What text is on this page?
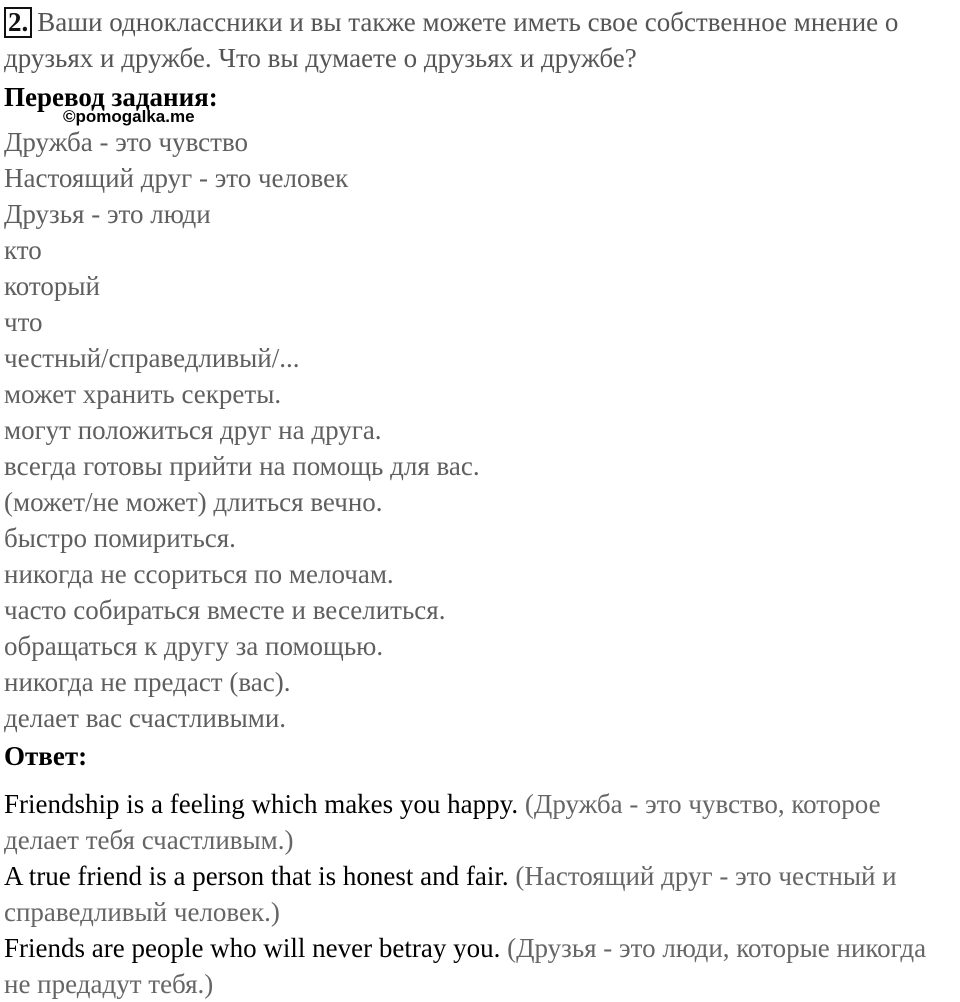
2. Ваши одноклассники и вы также можете иметь свое собственное мнение о друзьях и дружбе. Что вы думаете о друзьях и дружбе?
Перевод задания:
©pomogalka.me
Дружба - это чувство
Настоящий друг - это человек
Друзья - это люди
кто
который
что
честный/справедливый/...
может хранить секреты.
могут положиться друг на друга.
всегда готовы прийти на помощь для вас.
(может/не может) длиться вечно.
быстро помириться.
никогда не ссориться по мелочам.
часто собираться вместе и веселиться.
обращаться к другу за помощью.
никогда не предаст (вас).
делает вас счастливыми.
Ответ:
Friendship is a feeling which makes you happy. (Дружба - это чувство, которое делает тебя счастливым.)
A true friend is a person that is honest and fair. (Настоящий друг - это честный и справедливый человек.)
Friends are people who will never betray you. (Друзья - это люди, которые никогда не предадут тебя.)
